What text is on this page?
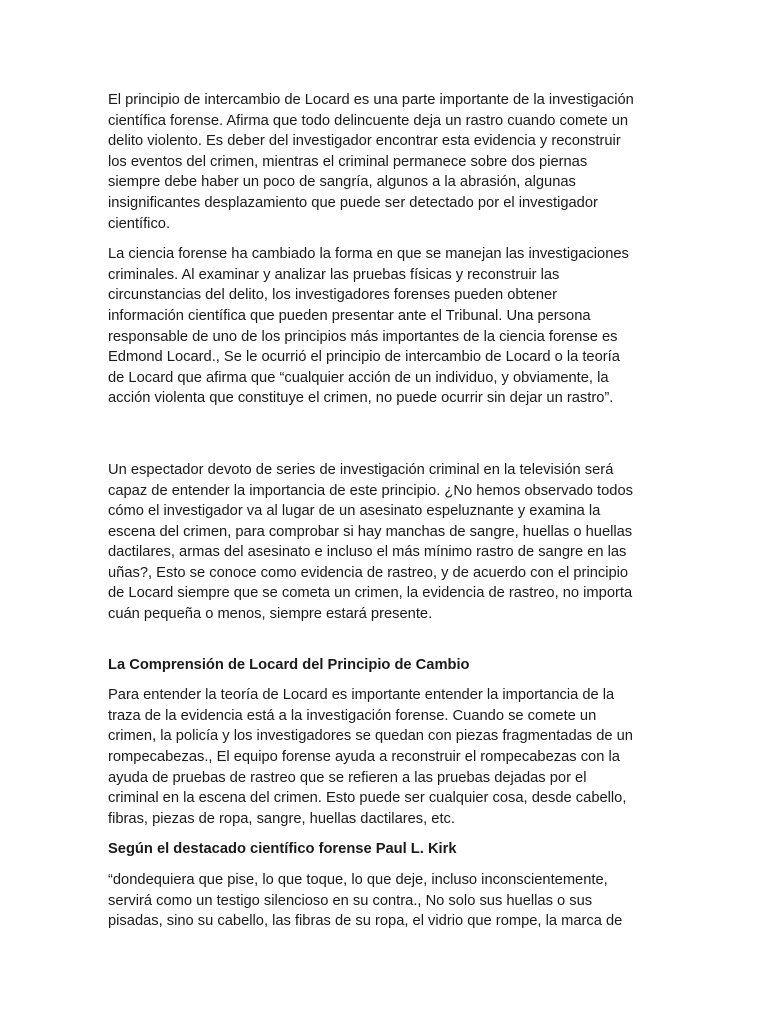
El principio de intercambio de Locard es una parte importante de la investigación científica forense. Afirma que todo delincuente deja un rastro cuando comete un delito violento. Es deber del investigador encontrar esta evidencia y reconstruir los eventos del crimen, mientras el criminal permanece sobre dos piernas siempre debe haber un poco de sangría, algunos a la abrasión, algunas insignificantes desplazamiento que puede ser detectado por el investigador científico.

La ciencia forense ha cambiado la forma en que se manejan las investigaciones criminales. Al examinar y analizar las pruebas físicas y reconstruir las circunstancias del delito, los investigadores forenses pueden obtener información científica que pueden presentar ante el Tribunal. Una persona responsable de uno de los principios más importantes de la ciencia forense es Edmond Locard., Se le ocurrió el principio de intercambio de Locard o la teoría de Locard que afirma que “cualquier acción de un individuo, y obviamente, la acción violenta que constituye el crimen, no puede ocurrir sin dejar un rastro”.

Un espectador devoto de series de investigación criminal en la televisión será capaz de entender la importancia de este principio. ¿No hemos observado todos cómo el investigador va al lugar de un asesinato espeluznante y examina la escena del crimen, para comprobar si hay manchas de sangre, huellas o huellas dactilares, armas del asesinato e incluso el más mínimo rastro de sangre en las uñas?, Esto se conoce como evidencia de rastreo, y de acuerdo con el principio de Locard siempre que se cometa un crimen, la evidencia de rastreo, no importa cuán pequeña o menos, siempre estará presente.

La Comprensión de Locard del Principio de Cambio

Para entender la teoría de Locard es importante entender la importancia de la traza de la evidencia está a la investigación forense. Cuando se comete un crimen, la policía y los investigadores se quedan con piezas fragmentadas de un rompecabezas., El equipo forense ayuda a reconstruir el rompecabezas con la ayuda de pruebas de rastreo que se refieren a las pruebas dejadas por el criminal en la escena del crimen. Esto puede ser cualquier cosa, desde cabello, fibras, piezas de ropa, sangre, huellas dactilares, etc.

Según el destacado científico forense Paul L. Kirk

“dondequiera que pise, lo que toque, lo que deje, incluso inconscientemente, servirá como un testigo silencioso en su contra., No solo sus huellas o sus pisadas, sino su cabello, las fibras de su ropa, el vidrio que rompe, la marca de
